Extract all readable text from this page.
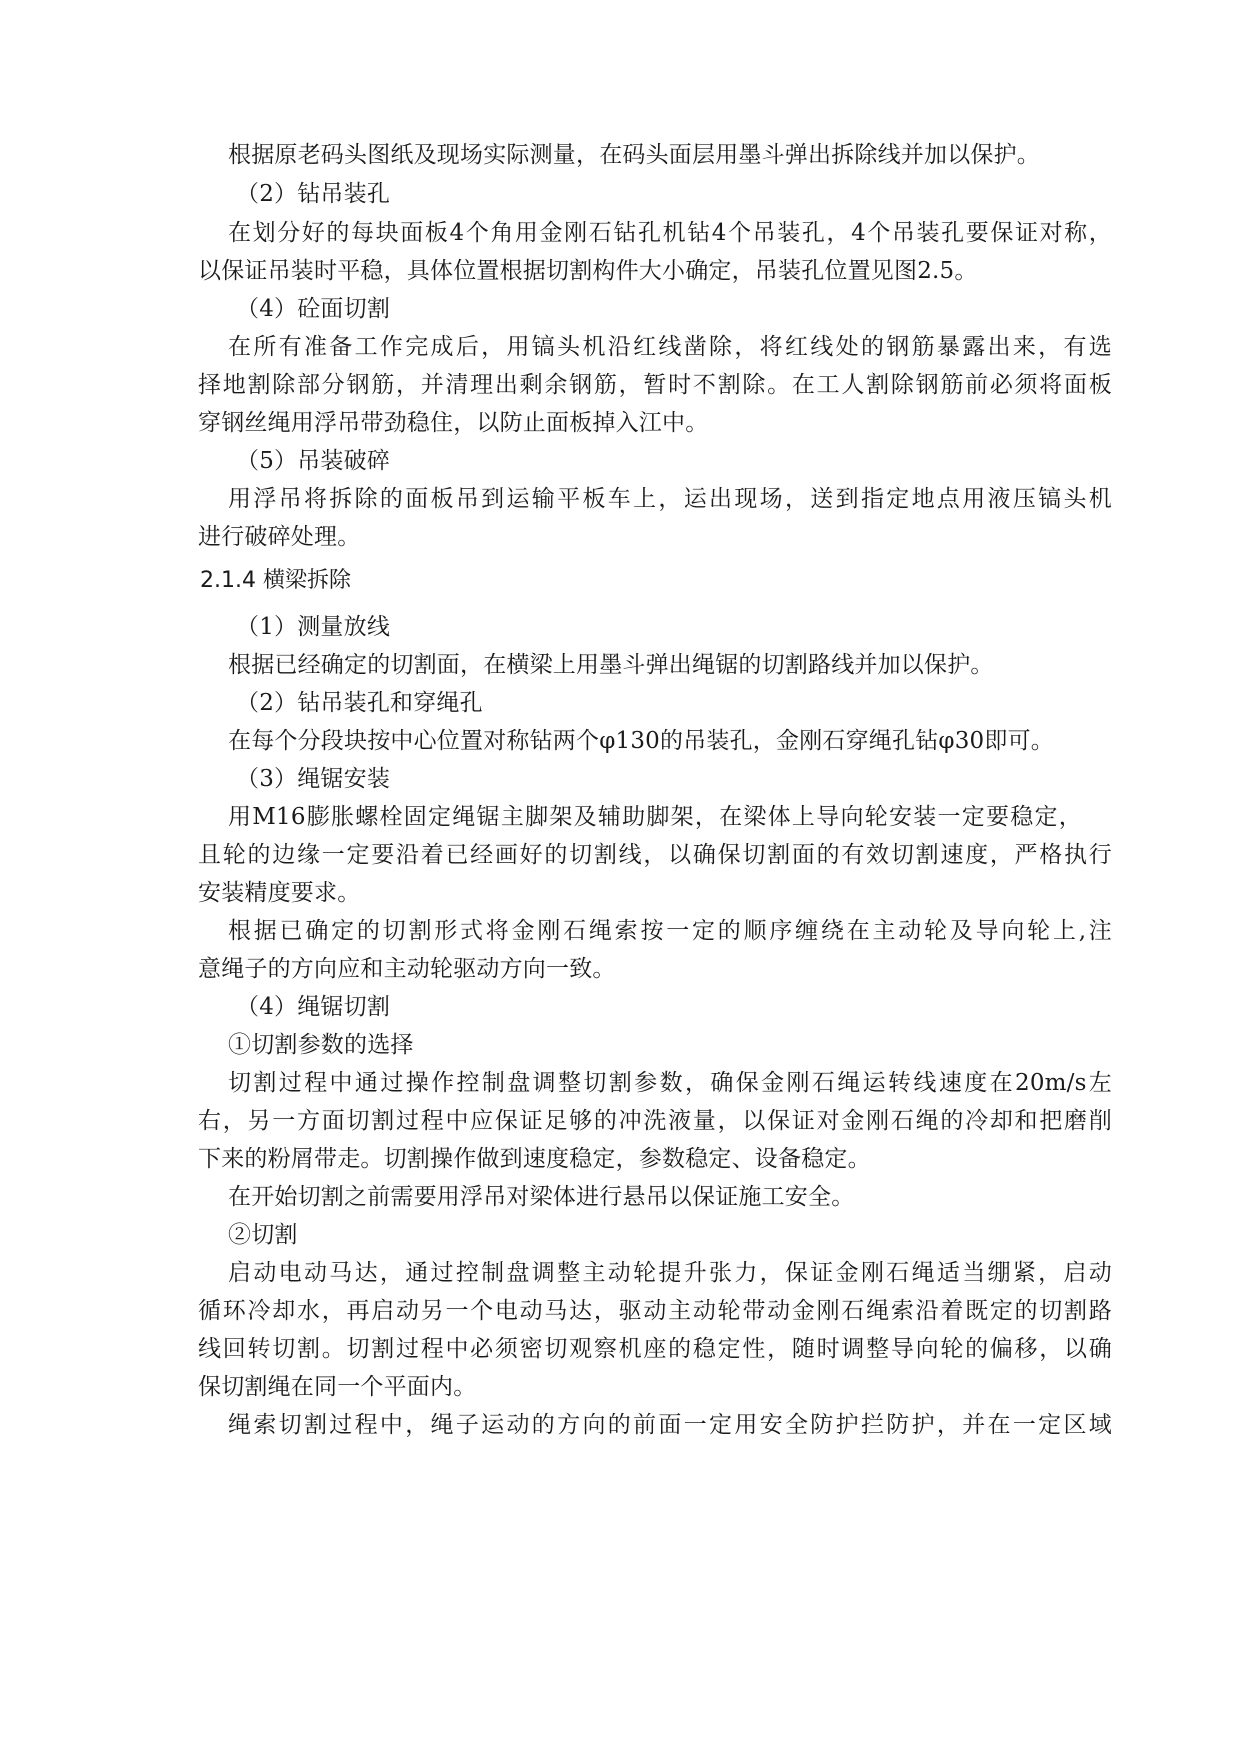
根据原老码头图纸及现场实际测量，在码头面层用墨斗弹出拆除线并加以保护。
（2）钻吊装孔
在划分好的每块面板4个角用金刚石钻孔机钻4个吊装孔，4个吊装孔要保证对称，
以保证吊装时平稳，具体位置根据切割构件大小确定，吊装孔位置见图2.5。
（4）砼面切割
在所有准备工作完成后，用镐头机沿红线凿除，将红线处的钢筋暴露出来，有选
择地割除部分钢筋，并清理出剩余钢筋，暂时不割除。在工人割除钢筋前必须将面板
穿钢丝绳用浮吊带劲稳住，以防止面板掉入江中。
（5）吊装破碎
用浮吊将拆除的面板吊到运输平板车上，运出现场，送到指定地点用液压镐头机
进行破碎处理。
2.1.4 横梁拆除
（1）测量放线
根据已经确定的切割面，在横梁上用墨斗弹出绳锯的切割路线并加以保护。
（2）钻吊装孔和穿绳孔
在每个分段块按中心位置对称钻两个φ130的吊装孔，金刚石穿绳孔钻φ30即可。
（3）绳锯安装
用M16膨胀螺栓固定绳锯主脚架及辅助脚架，在梁体上导向轮安装一定要稳定，
且轮的边缘一定要沿着已经画好的切割线，以确保切割面的有效切割速度，严格执行
安装精度要求。
根据已确定的切割形式将金刚石绳索按一定的顺序缠绕在主动轮及导向轮上,注
意绳子的方向应和主动轮驱动方向一致。
（4）绳锯切割
①切割参数的选择
切割过程中通过操作控制盘调整切割参数，确保金刚石绳运转线速度在20m/s左
右，另一方面切割过程中应保证足够的冲洗液量，以保证对金刚石绳的冷却和把磨削
下来的粉屑带走。切割操作做到速度稳定，参数稳定、设备稳定。
在开始切割之前需要用浮吊对梁体进行悬吊以保证施工安全。
②切割
启动电动马达，通过控制盘调整主动轮提升张力，保证金刚石绳适当绷紧，启动
循环冷却水，再启动另一个电动马达，驱动主动轮带动金刚石绳索沿着既定的切割路
线回转切割。切割过程中必须密切观察机座的稳定性，随时调整导向轮的偏移，以确
保切割绳在同一个平面内。
绳索切割过程中，绳子运动的方向的前面一定用安全防护拦防护，并在一定区域
